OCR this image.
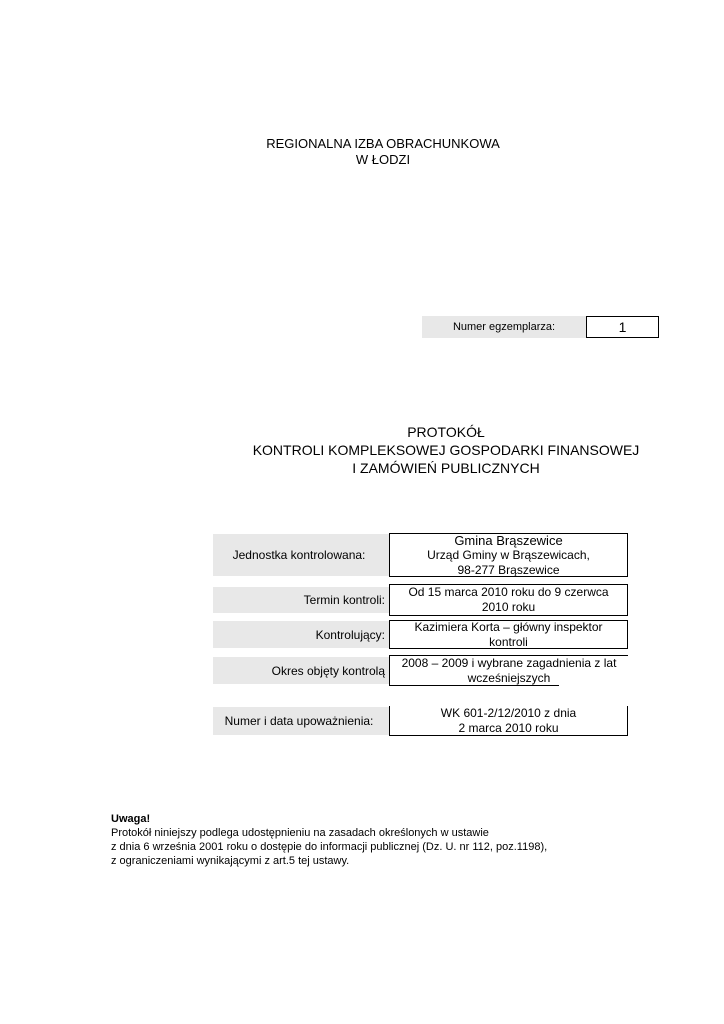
REGIONALNA IZBA OBRACHUNKOWA
W ŁODZI
Numer egzemplarza:	1
PROTOKÓŁ
KONTROLI KOMPLEKSOWEJ GOSPODARKI FINANSOWEJ
I ZAMÓWIEŃ PUBLICZNYCH
Jednostka kontrolowana:
Gmina Brąszewice
Urząd Gminy w Brąszewicach,
98-277 Brąszewice
Termin kontroli:
Od 15 marca 2010 roku do 9 czerwca
2010 roku
Kontrolujący:
Kazimiera Korta – główny inspektor
kontroli
Okres objęty kontrolą
2008 – 2009 i wybrane zagadnienia z lat
wcześniejszych
Numer i data upoważnienia:
WK 601-2/12/2010 z dnia
2 marca 2010 roku
Uwaga!
Protokół niniejszy podlega udostępnieniu na zasadach określonych w ustawie
z dnia 6 września 2001 roku o dostępie do informacji publicznej (Dz. U. nr 112, poz.1198),
z ograniczeniami wynikającymi z art.5 tej ustawy.
